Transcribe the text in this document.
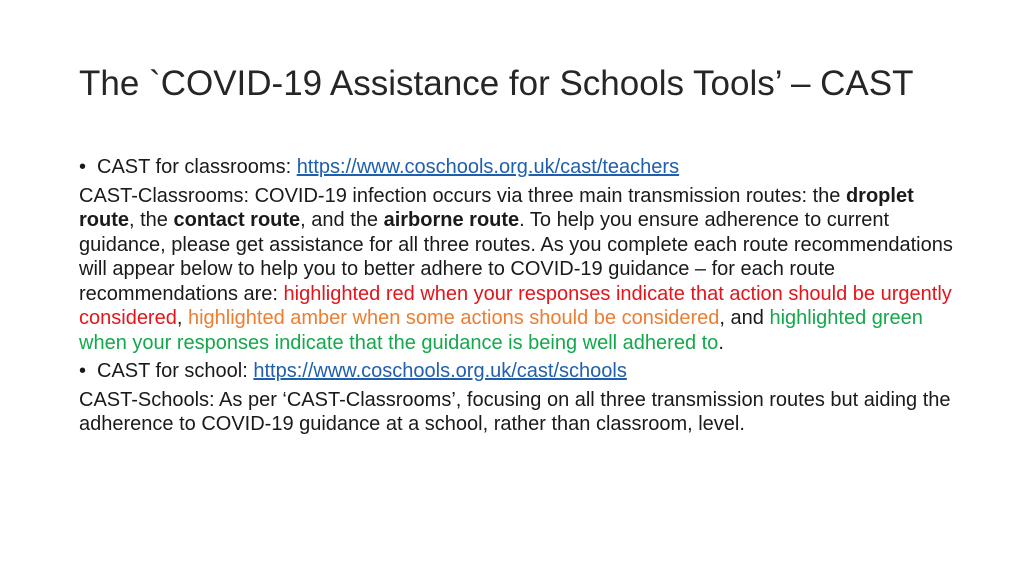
The `COVID-19 Assistance for Schools Tools’ – CAST
• CAST for classrooms: https://www.coschools.org.uk/cast/teachers
CAST-Classrooms: COVID-19 infection occurs via three main transmission routes: the droplet route, the contact route, and the airborne route. To help you ensure adherence to current guidance, please get assistance for all three routes. As you complete each route recommendations will appear below to help you to better adhere to COVID-19 guidance – for each route recommendations are: highlighted red when your responses indicate that action should be urgently considered, highlighted amber when some actions should be considered, and highlighted green when your responses indicate that the guidance is being well adhered to.
• CAST for school: https://www.coschools.org.uk/cast/schools
CAST-Schools: As per ‘CAST-Classrooms’, focusing on all three transmission routes but aiding the adherence to COVID-19 guidance at a school, rather than classroom, level.
